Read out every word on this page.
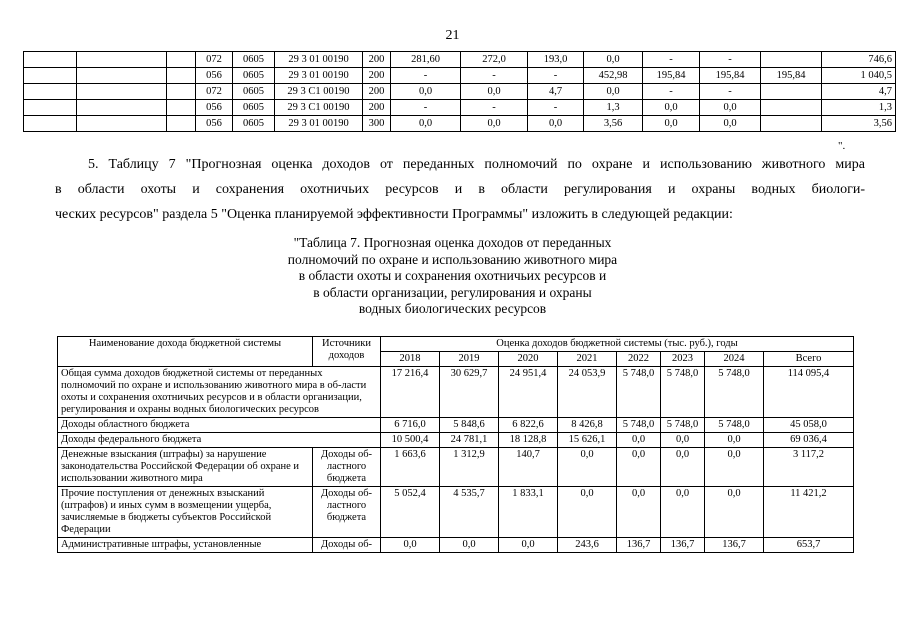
21
			072	0605	29 3 01 00190	200	281,60	272,0	193,0	0,0	-	-		746,6
			056	0605	29 3 01 00190	200	-	-	-	452,98	195,84	195,84	195,84	1 040,5
			072	0605	29 3 C1 00190	200	0,0	0,0	4,7	0,0	-	-		4,7
			056	0605	29 3 C1 00190	200	-	-	-	1,3	0,0	0,0		1,3
			056	0605	29 3 01 00190	300	0,0	0,0	0,0	3,56	0,0	0,0		3,56
".
5. Таблицу 7 "Прогнозная оценка доходов от переданных полномочий по охране и использованию животного мира
в области охоты и сохранения охотничьих ресурсов и в области регулирования и охраны водных биологи-
ческих ресурсов" раздела 5 "Оценка планируемой эффективности Программы" изложить в следующей редакции:
"Таблица 7. Прогнозная оценка доходов от переданных
полномочий по охране и использованию животного мира
в области охоты и сохранения охотничьих ресурсов и
в области организации, регулирования и охраны
водных биологических ресурсов
Наименование дохода бюджетной системы	Источники доходов	Оценка доходов бюджетной системы (тыс. руб.), годы							
		2018	2019	2020	2021	2022	2023	2024	Всего
Общая сумма доходов бюджетной системы от переданных полномочий по охране и использованию животного мира в об-ласти охоты и сохранения охотничьих ресурсов и в области организации, регулирования и охраны водных биологических ресурсов		17 216,4	30 629,7	24 951,4	24 053,9	5 748,0	5 748,0	5 748,0	114 095,4
Доходы областного бюджета		6 716,0	5 848,6	6 822,6	8 426,8	5 748,0	5 748,0	5 748,0	45 058,0
Доходы федерального бюджета		10 500,4	24 781,1	18 128,8	15 626,1	0,0	0,0	0,0	69 036,4
Денежные взыскания (штрафы) за нарушение законодательства Российской Федерации об охране и использовании животного мира	Доходы об-ластного бюджета	1 663,6	1 312,9	140,7	0,0	0,0	0,0	0,0	3 117,2
Прочие поступления от денежных взысканий (штрафов) и иных сумм в возмещении ущерба, зачисляемые в бюджеты субъектов Российской Федерации	Доходы об-ластного бюджета	5 052,4	4 535,7	1 833,1	0,0	0,0	0,0	0,0	11 421,2
Административные штрафы, установленные	Доходы об-	0,0	0,0	0,0	243,6	136,7	136,7	136,7	653,7
